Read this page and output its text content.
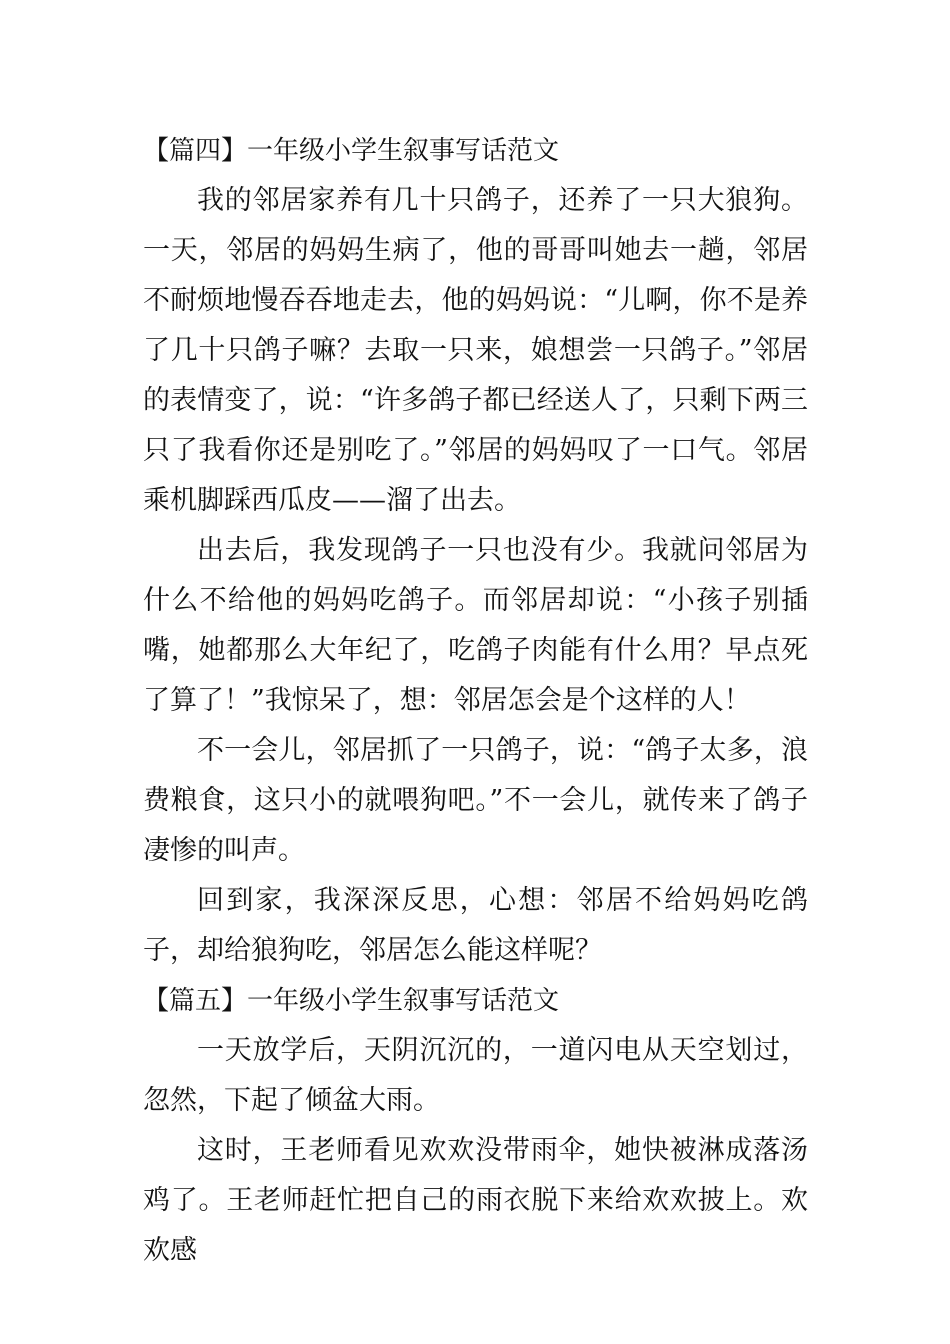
【篇四】一年级小学生叙事写话范文

我的邻居家养有几十只鸽子，还养了一只大狼狗。一天，邻居的妈妈生病了，他的哥哥叫她去一趟，邻居不耐烦地慢吞吞地走去，他的妈妈说：“儿啊，你不是养了几十只鸽子嘛？去取一只来，娘想尝一只鸽子。”邻居的表情变了，说：“许多鸽子都已经送人了，只剩下两三只了我看你还是别吃了。”邻居的妈妈叹了一口气。邻居乘机脚踩西瓜皮——溜了出去。

出去后，我发现鸽子一只也没有少。我就问邻居为什么不给他的妈妈吃鸽子。而邻居却说：“小孩子别插嘴，她都那么大年纪了，吃鸽子肉能有什么用？早点死了算了！”我惊呆了，想：邻居怎会是个这样的人！

不一会儿，邻居抓了一只鸽子，说：“鸽子太多，浪费粮食，这只小的就喂狗吧。”不一会儿，就传来了鸽子凄惨的叫声。

回到家，我深深反思，心想：邻居不给妈妈吃鸽子，却给狼狗吃，邻居怎么能这样呢？

【篇五】一年级小学生叙事写话范文

一天放学后，天阴沉沉的，一道闪电从天空划过，忽然，下起了倾盆大雨。

这时，王老师看见欢欢没带雨伞，她快被淋成落汤鸡了。王老师赶忙把自己的雨衣脱下来给欢欢披上。欢欢感
